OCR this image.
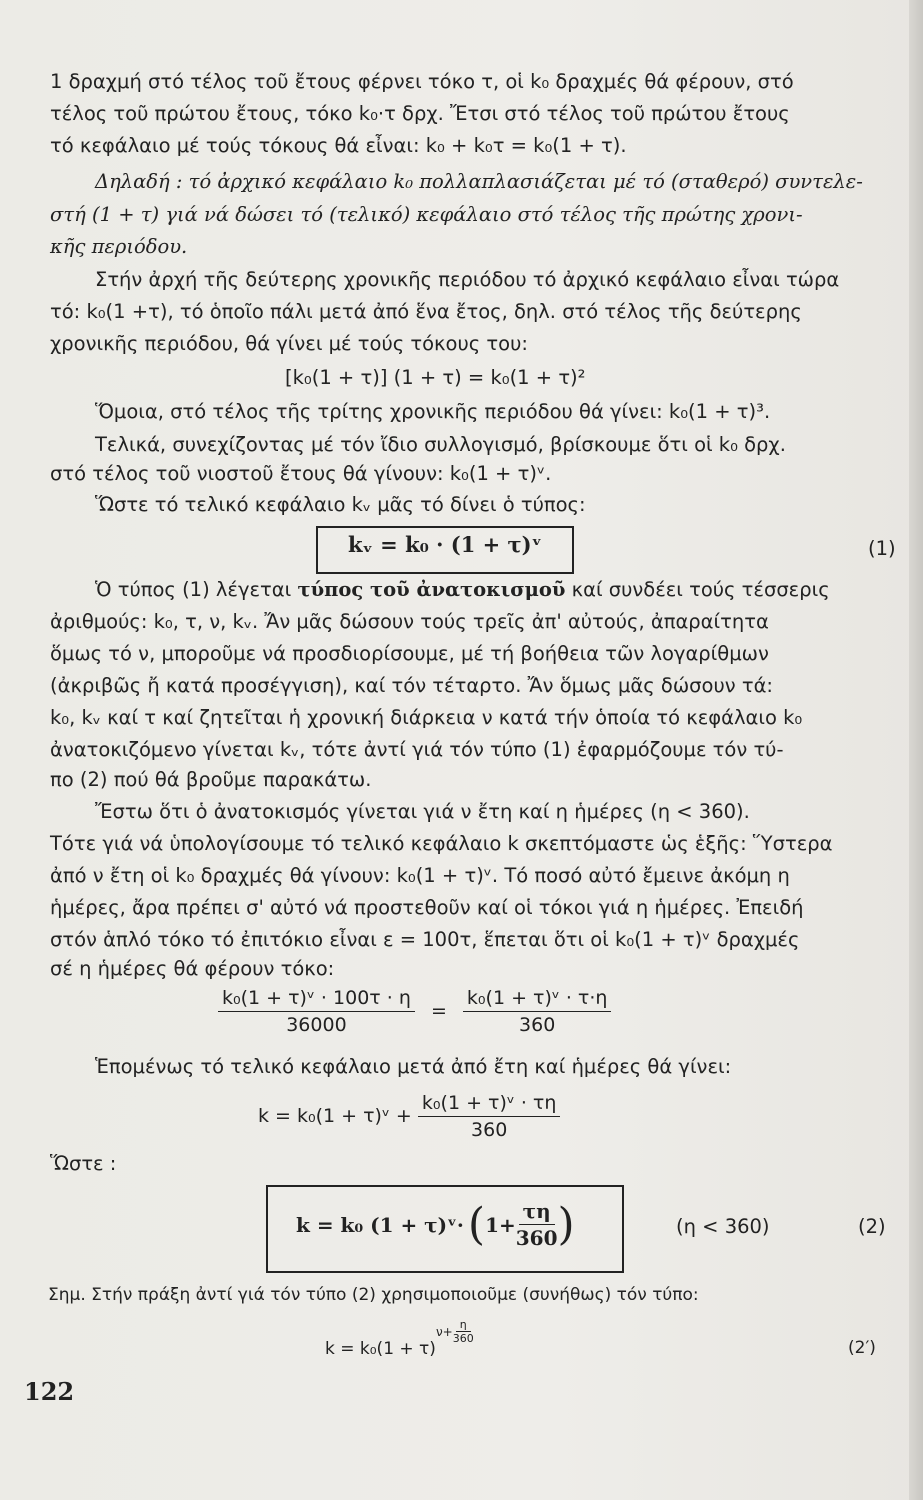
1 δραχμή στό τέλος τοῦ ἔτους φέρνει τόκο τ, οἱ k₀ δραχμές θά φέρουν, στό
τέλος τοῦ πρώτου ἔτους, τόκο k₀·τ δρχ. Ἔτσι στό τέλος τοῦ πρώτου ἔτους
τό κεφάλαιο μέ τούς τόκους θά εἶναι: k₀ + k₀τ = k₀(1 + τ).
Δηλαδή : τό ἀρχικό κεφάλαιο k₀ πολλαπλασιάζεται μέ τό (σταθερό) συντελε-
στή (1 + τ) γιά νά δώσει τό (τελικό) κεφάλαιο στό τέλος τῆς πρώτης χρονι-
κῆς περιόδου.
Στήν ἀρχή τῆς δεύτερης χρονικῆς περιόδου τό ἀρχικό κεφάλαιο εἶναι τώρα
τό: k₀(1 +τ), τό ὁποῖο πάλι μετά ἀπό ἕνα ἔτος, δηλ. στό τέλος τῆς δεύτερης
χρονικῆς περιόδου, θά γίνει μέ τούς τόκους του:
[k₀(1 + τ)] (1 + τ) = k₀(1 + τ)²
Ὅμοια, στό τέλος τῆς τρίτης χρονικῆς περιόδου θά γίνει: k₀(1 + τ)³.
Τελικά, συνεχίζοντας μέ τόν ἴδιο συλλογισμό, βρίσκουμε ὅτι οἱ k₀ δρχ.
στό τέλος τοῦ νιοστοῦ ἔτους θά γίνουν: k₀(1 + τ)ᵛ.
Ὥστε τό τελικό κεφάλαιο kᵥ μᾶς τό δίνει ὁ τύπος:
kᵥ = k₀ · (1 + τ)ᵛ	(1)
Ὁ τύπος (1) λέγεται τύπος τοῦ ἀνατοκισμοῦ καί συνδέει τούς τέσσερις
ἀριθμούς: k₀, τ, ν, kᵥ. Ἄν μᾶς δώσουν τούς τρεῖς ἀπ' αὐτούς, ἀπαραίτητα
ὅμως τό ν, μποροῦμε νά προσδιορίσουμε, μέ τή βοήθεια τῶν λογαρίθμων
(ἀκριβῶς ἤ κατά προσέγγιση), καί τόν τέταρτο. Ἄν ὅμως μᾶς δώσουν τά:
k₀, kᵥ καί τ καί ζητεῖται ἡ χρονική διάρκεια ν κατά τήν ὁποία τό κεφάλαιο k₀
ἀνατοκιζόμενο γίνεται kᵥ, τότε ἀντί γιά τόν τύπο (1) ἐφαρμόζουμε τόν τύ-
πο (2) πού θά βροῦμε παρακάτω.
Ἔστω ὅτι ὁ ἀνατοκισμός γίνεται γιά ν ἔτη καί η ἡμέρες (η < 360).
Τότε γιά νά ὑπολογίσουμε τό τελικό κεφάλαιο k σκεπτόμαστε ὡς ἑξῆς: Ὕστερα
ἀπό ν ἔτη οἱ k₀ δραχμές θά γίνουν: k₀(1 + τ)ᵛ. Τό ποσό αὐτό ἔμεινε ἀκόμη η
ἡμέρες, ἄρα πρέπει σ' αὐτό νά προστεθοῦν καί οἱ τόκοι γιά η ἡμέρες. Ἐπειδή
στόν ἁπλό τόκο τό ἐπιτόκιο εἶναι ε = 100τ, ἕπεται ὅτι οἱ k₀(1 + τ)ᵛ δραχμές
σέ η ἡμέρες θά φέρουν τόκο:
$\frac{\text{k₀(1 + τ)ᵛ · 100τ · η}}{36000} = \frac{\text{k₀(1 + τ)ᵛ · τ·η}}{360}$
Ἑπομένως τό τελικό κεφάλαιο μετά ἀπό ἔτη καί ἡμέρες θά γίνει:
k = k₀(1 + τ)ᵛ + $\frac{\text{k₀(1 + τ)ᵛ · τη}}{360}$
Ὥστε :
k = k₀ (1 + τ)ᵛ· ( $1+ \frac{\tau\eta}{360}$ )	(η < 360)	(2)
Σημ. Στήν πράξη ἀντί γιά τόν τύπο (2) χρησιμοποιοῦμε (συνήθως) τόν τύπο:
k = k₀(1 + τ)
$\nu+ \frac{\eta}{360}$
(2′)
122
